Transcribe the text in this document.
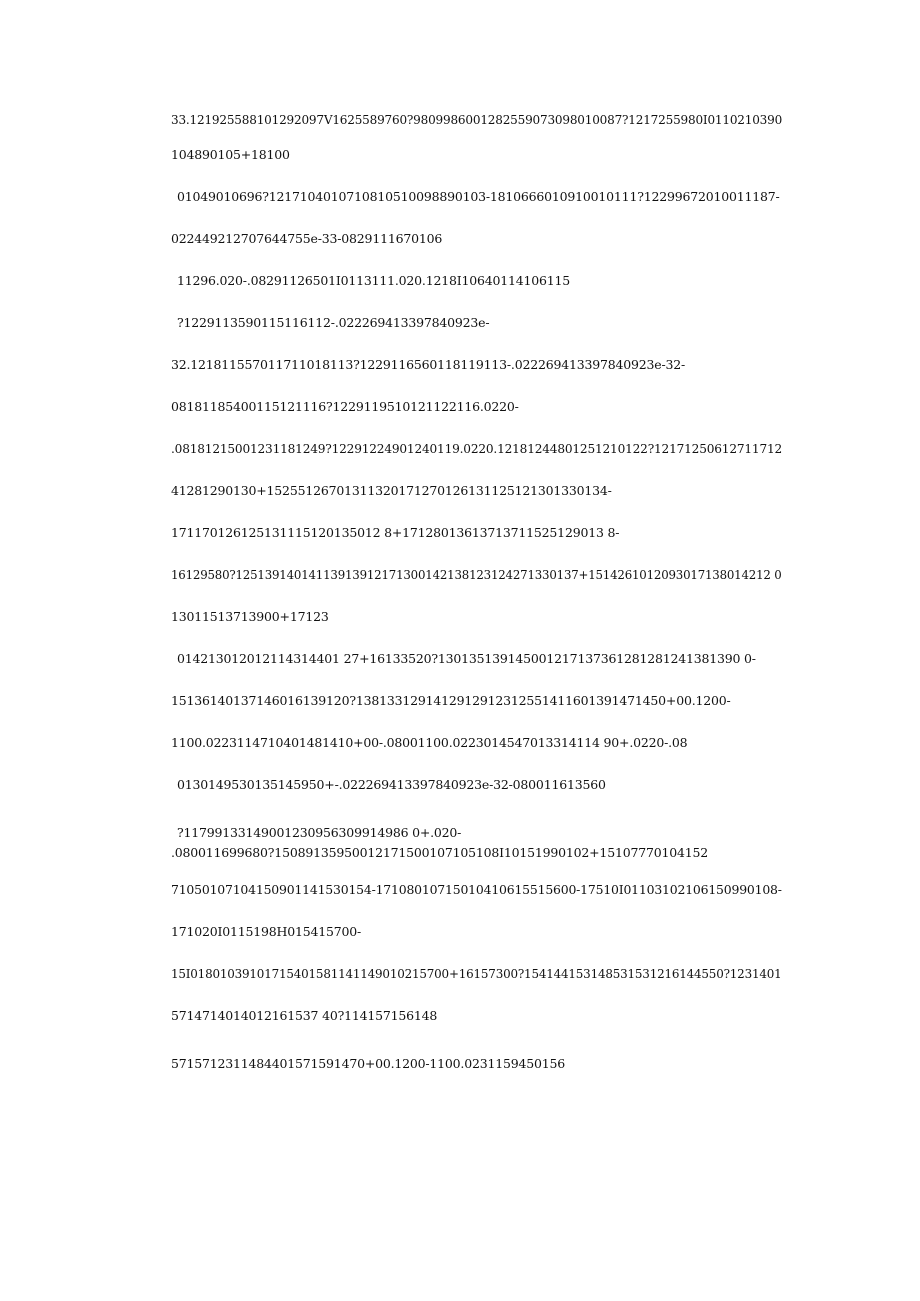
33.12192558810129209​7V1625589760?98099860012825590730980100​87?1217255980I0110210390
104890105+18100
0104901069​6?121710401071081051009889010​3-18106660109100101​11?12299672010011187-
022449212707644755e-33-0829111670106
11296.020-.08291126501I0113111.020.1218I10640114106115
?1229113590115116112-.022269413397840923e-
32.1218115570117110181​13?12291165601181191​13-.022269413397840923e-32-
0818118540011512111​6?1229119510121122116.0220-
.0818121500123118124​9?12291224901240119.0220.12181244801251210122?12171250612711712
41281290130+15255126701311320171270126131125121301330134-
171170126125131115120135012 8+17128013613713711525129013 8-
16129580?12513914014113913912171300142138123124271330137+1514261012093017138014212 0
13011513713900+17123
014213012012114314401 27+16133520?130135139145001217137361281281241381390 0-
15136140137146016139120?1381331291412912912312551411601391471450+00.1200-
1100.0223114710401481410+00-.08001100.0223014547013314114 90+.0220-.08
0130149530135145950+-.022269413397840923e-32-080011613560
?11799133149001230956309914986 0+.020-
.080011699680?15089135950012171500107105108I10151990102+15107770104152
71050107104150901141530154-17108010715010410615515600-17510I01103102106150990108-
171020I0115198H015415700-
15I01801039101715401581141149010215700+16157300?1541441531485315312161445​50?1231401
5714714014012161537 40?114157156148
5715712311484401571591470+00.1200-1100.0231159450156
